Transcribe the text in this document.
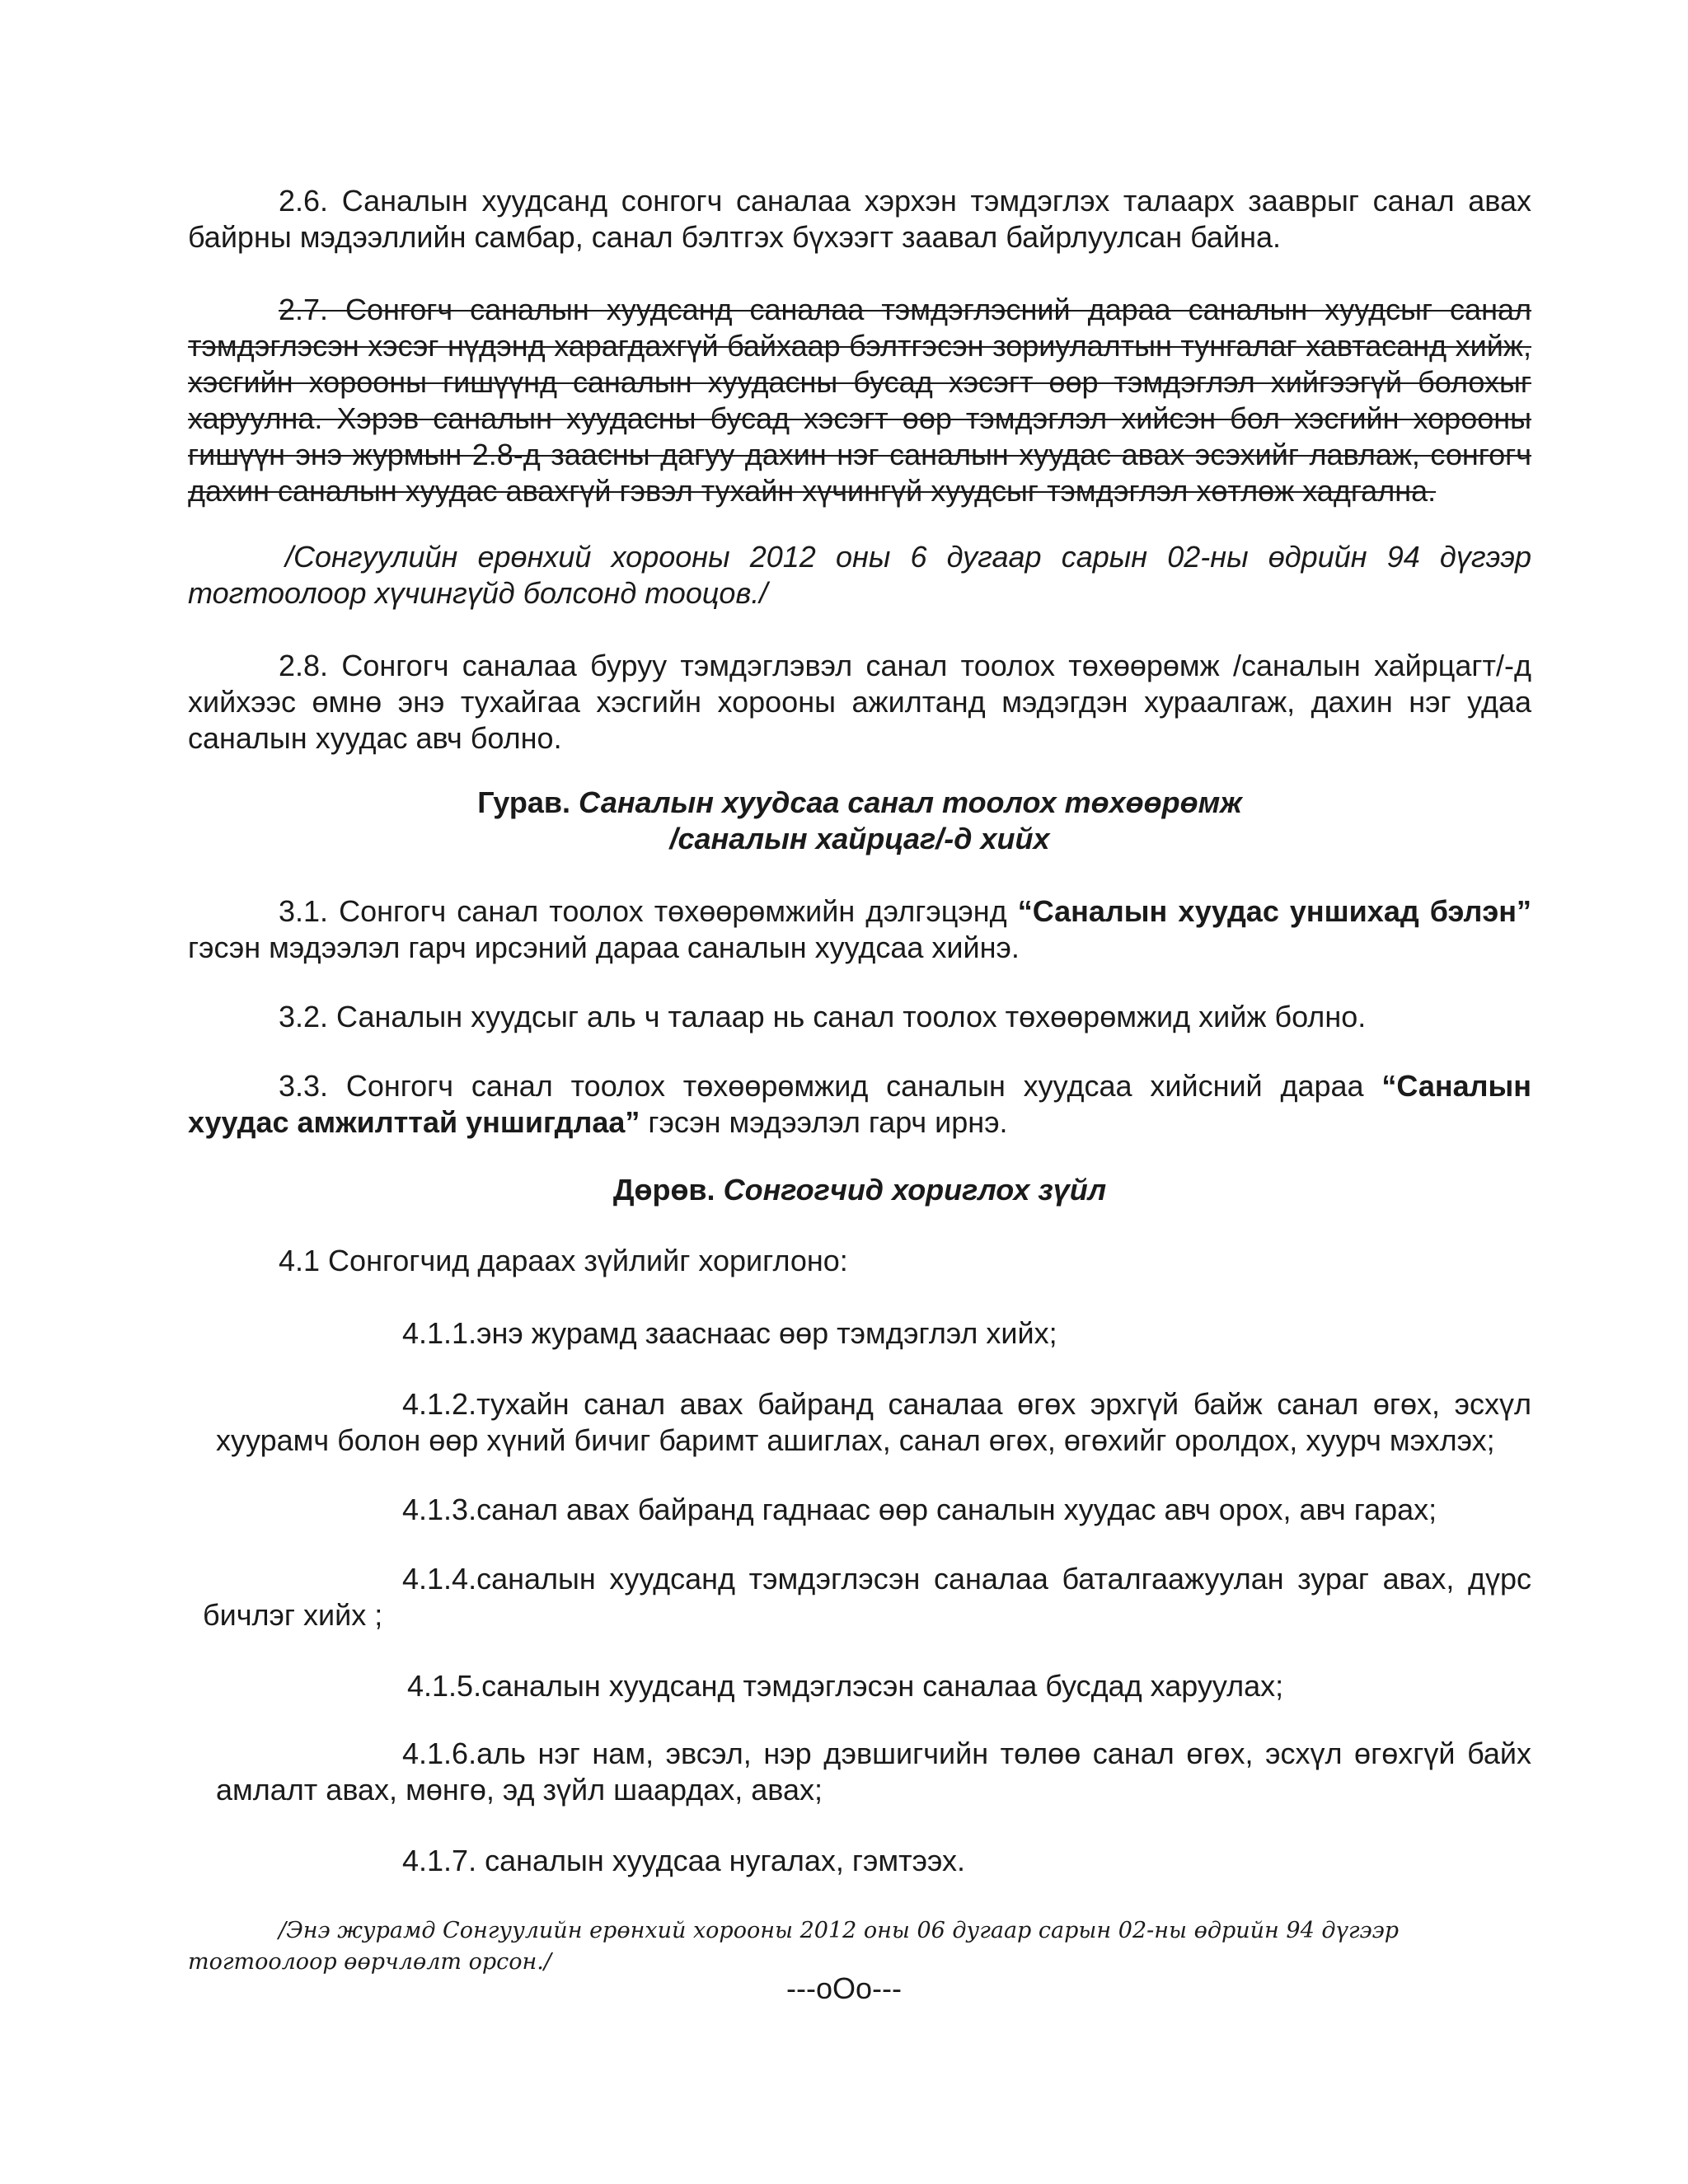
2.6. Саналын хуудсанд сонгогч саналаа хэрхэн тэмдэглэх талаарх зааврыг санал авах байрны мэдээллийн самбар, санал бэлтгэх бүхээгт заавал байрлуулсан байна.

2.7. Сонгогч саналын хуудсанд саналаа тэмдэглэсний дараа саналын хуудсыг санал тэмдэглэсэн хэсэг нүдэнд харагдахгүй байхаар бэлтгэсэн зориулалтын тунгалаг хавтасанд хийж, хэсгийн хорооны гишүүнд саналын хуудасны бусад хэсэгт өөр тэмдэглэл хийгээгүй болохыг харуулна. Хэрэв саналын хуудасны бусад хэсэгт өөр тэмдэглэл хийсэн бол хэсгийн хорооны гишүүн энэ журмын 2.8-д заасны дагуу дахин нэг саналын хуудас авах эсэхийг лавлаж, сонгогч дахин саналын хуудас авахгүй гэвэл тухайн хүчингүй хуудсыг тэмдэглэл хөтлөж хадгална.

/Сонгуулийн ерөнхий хорооны 2012 оны 6 дугаар сарын 02-ны өдрийн 94 дүгээр тогтоолоор хүчингүйд болсонд тооцов./

2.8. Сонгогч саналаа буруу тэмдэглэвэл санал тоолох төхөөрөмж /саналын хайрцагт/-д хийхээс өмнө энэ тухайгаа хэсгийн хорооны ажилтанд мэдэгдэн хураалгаж, дахин нэг удаа саналын хуудас авч болно.

Гурав. Саналын хуудсаа санал тоолох төхөөрөмж

/саналын хайрцаг/-д хийх

3.1. Сонгогч санал тоолох төхөөрөмжийн дэлгэцэнд “Саналын хуудас уншихад бэлэн” гэсэн мэдээлэл гарч ирсэний дараа саналын хуудсаа хийнэ.

3.2. Саналын хуудсыг аль ч талаар нь санал тоолох төхөөрөмжид хийж болно.

3.3. Сонгогч санал тоолох төхөөрөмжид саналын хуудсаа хийсний дараа “Саналын хуудас амжилттай уншигдлаа” гэсэн мэдээлэл гарч ирнэ.

Дөрөв. Сонгогчид хориглох зүйл

4.1 Сонгогчид дараах зүйлийг хориглоно:

4.1.1.энэ журамд зааснаас өөр тэмдэглэл хийх;

4.1.2.тухайн санал авах байранд саналаа өгөх эрхгүй байж санал өгөх, эсхүл хуурамч болон өөр хүний бичиг баримт ашиглах, санал өгөх, өгөхийг оролдох, хуурч мэхлэх;

4.1.3.санал авах байранд гаднаас өөр саналын хуудас авч орох, авч гарах;

4.1.4.саналын хуудсанд тэмдэглэсэн саналаа баталгаажуулан зураг авах, дүрс бичлэг хийх ;

4.1.5.саналын хуудсанд тэмдэглэсэн саналаа бусдад харуулах;

4.1.6.аль нэг нам, эвсэл, нэр дэвшигчийн төлөө санал өгөх, эсхүл өгөхгүй байх амлалт авах, мөнгө, эд зүйл шаардах, авах;

4.1.7. саналын хуудсаа нугалах, гэмтээх.

/Энэ журамд Сонгуулийн ерөнхий хорооны 2012 оны 06 дугаар сарын 02-ны өдрийн 94 дүгээр тогтоолоор өөрчлөлт орсон./

---oOo---
